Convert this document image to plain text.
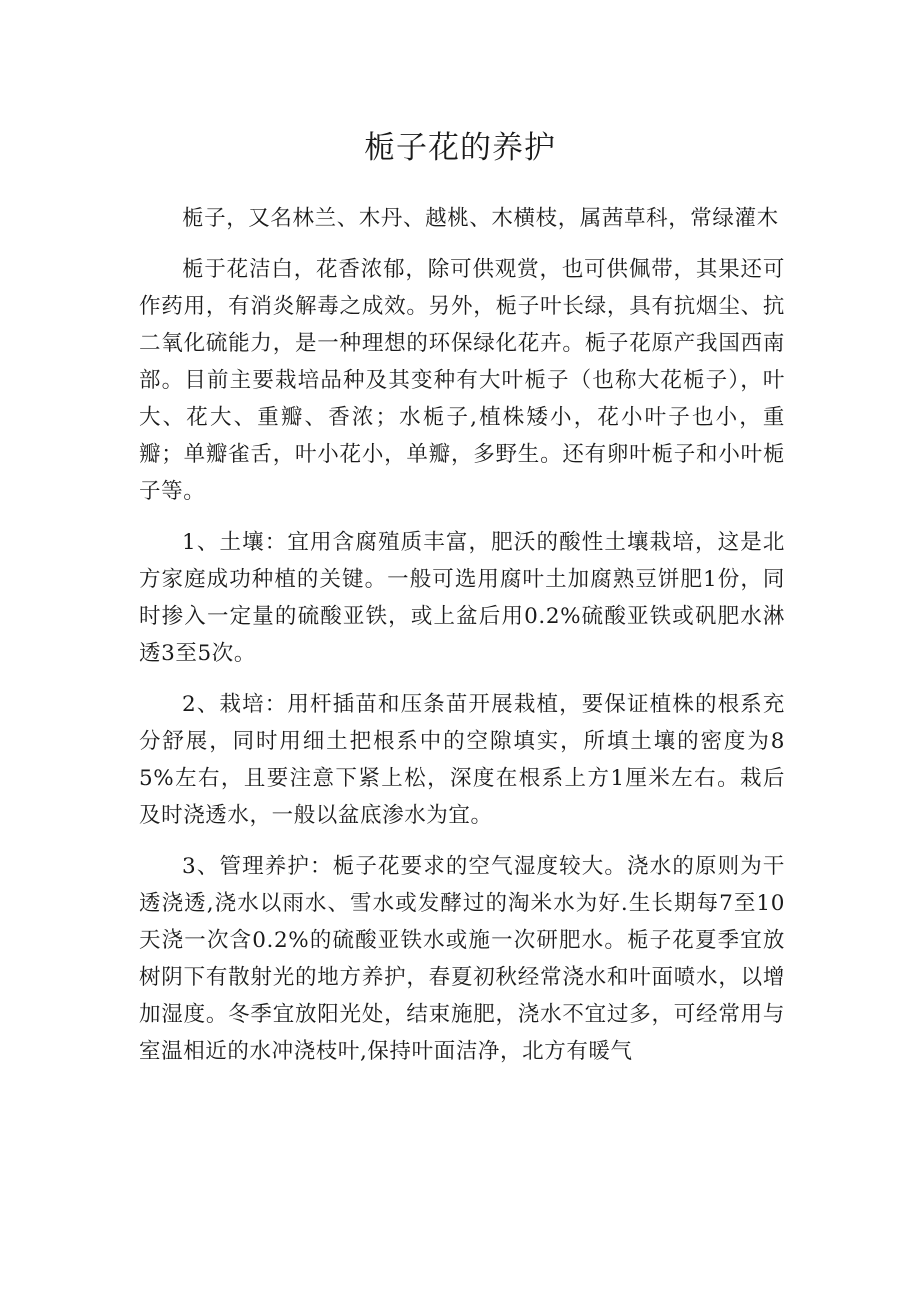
栀子花的养护

栀子，又名林兰、木丹、越桃、木横枝，属茜草科，常绿灌木

栀于花洁白，花香浓郁，除可供观赏，也可供佩带，其果还可作药用，有消炎解毒之成效。另外，栀子叶长绿，具有抗烟尘、抗二氧化硫能力，是一种理想的环保绿化花卉。栀子花原产我国西南部。目前主要栽培品种及其变种有大叶栀子（也称大花栀子），叶大、花大、重瓣、香浓；水栀子,植株矮小，花小叶子也小，重瓣；单瓣雀舌，叶小花小，单瓣，多野生。还有卵叶栀子和小叶栀子等。

1、土壤：宜用含腐殖质丰富，肥沃的酸性土壤栽培，这是北方家庭成功种植的关键。一般可选用腐叶土加腐熟豆饼肥1份，同时掺入一定量的硫酸亚铁，或上盆后用0.2%硫酸亚铁或矾肥水淋透3至5次。

2、栽培：用杆插苗和压条苗开展栽植，要保证植株的根系充分舒展，同时用细土把根系中的空隙填实，所填土壤的密度为85%左右，且要注意下紧上松，深度在根系上方1厘米左右。栽后及时浇透水，一般以盆底渗水为宜。

3、管理养护：栀子花要求的空气湿度较大。浇水的原则为干透浇透,浇水以雨水、雪水或发酵过的淘米水为好.生长期每7至10天浇一次含0.2%的硫酸亚铁水或施一次研肥水。栀子花夏季宜放树阴下有散射光的地方养护，春夏初秋经常浇水和叶面喷水，以增加湿度。冬季宜放阳光处，结束施肥，浇水不宜过多，可经常用与室温相近的水冲浇枝叶,保持叶面洁净，北方有暖气
